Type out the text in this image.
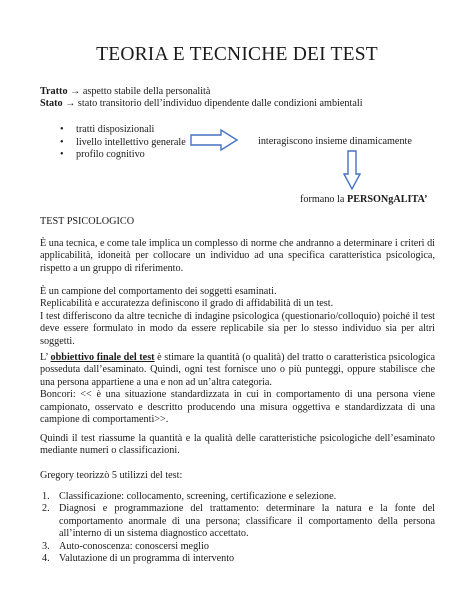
TEORIA E TECNICHE DEI TEST
Tratto → aspetto stabile della personalità
Stato → stato transitorio dell’individuo dipendente dalle condizioni ambientali
• tratti disposizionali
• livello intellettivo generale
• profilo cognitivo
interagiscono insieme dinamicamente
formano la PERSONgALITA’
TEST PSICOLOGICO
È una tecnica, e come tale implica un complesso di norme che andranno a determinare i criteri di applicabilità, idoneità per collocare un individuo ad una specifica caratteristica psicologica, rispetto a un gruppo di riferimento.
È un campione del comportamento dei soggetti esaminati.
Replicabilità e accuratezza definiscono il grado di affidabilità di un test.
I test differiscono da altre tecniche di indagine psicologica (questionario/colloquio) poiché il test deve essere formulato in modo da essere replicabile sia per lo stesso individuo sia per altri soggetti.
L’ obbiettivo finale del test è stimare la quantità (o qualità) del tratto o caratteristica psicologica posseduta dall’esaminato. Quindi, ogni test fornisce uno o più punteggi, oppure stabilisce che una persona appartiene a una e non ad un’altra categoria.
Boncori: << è una situazione standardizzata in cui in comportamento di una persona viene campionato, osservato e descritto producendo una misura oggettiva e standardizzata di una campione di comportamenti>>.
Quindi il test riassume la quantità e la qualità delle caratteristiche psicologiche dell’esaminato mediante numeri o classificazioni.
Gregory teorizzò 5 utilizzi del test:
1. Classificazione: collocamento, screening, certificazione e selezione.
2. Diagnosi e programmazione del trattamento: determinare la natura e la fonte del comportamento anormale di una persona; classificare il comportamento della persona all’interno di un sistema diagnostico accettato.
3. Auto-conoscenza: conoscersi meglio
4. Valutazione di un programma di intervento
